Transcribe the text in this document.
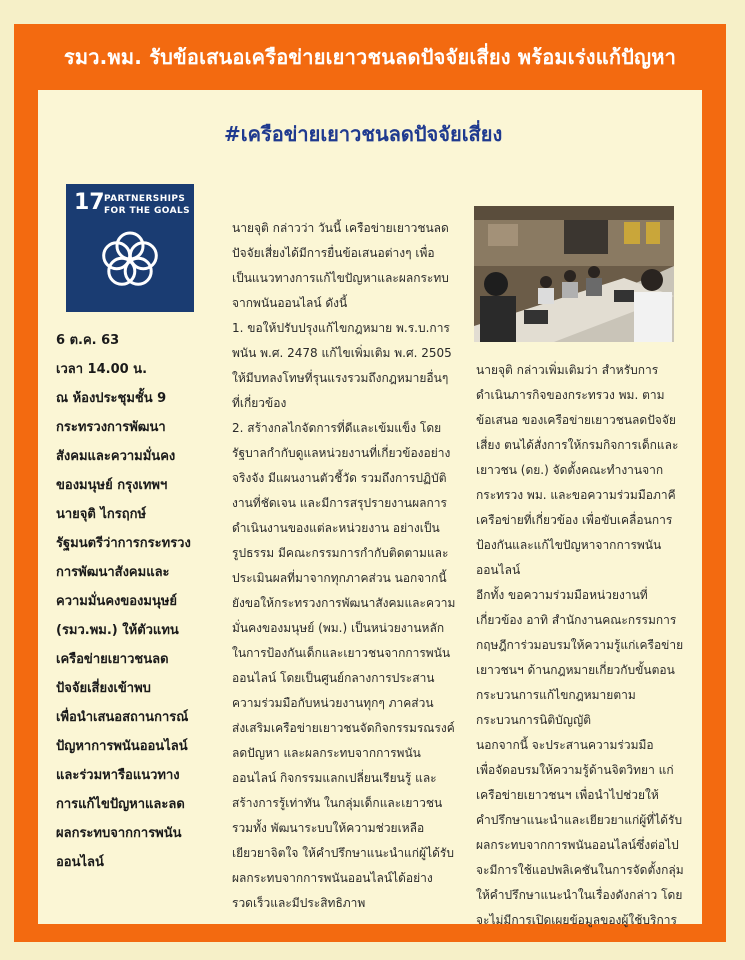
รมว.พม. รับข้อเสนอเครือข่ายเยาวชนลดปัจจัยเสี่ยง พร้อมเร่งแก้ปัญหา
#เครือข่ายเยาวชนลดปัจจัยเสี่ยง
17 PARTNERSHIPS
FOR THE GOALS
6 ต.ค. 63
เวลา 14.00 น.
ณ ห้องประชุมชั้น 9
กระทรวงการพัฒนา
สังคมและความมั่นคง
ของมนุษย์ กรุงเทพฯ
นายจุติ ไกรฤกษ์
รัฐมนตรีว่าการกระทรวง
การพัฒนาสังคมและ
ความมั่นคงของมนุษย์
(รมว.พม.) ให้ตัวแทน
เครือข่ายเยาวชนลด
ปัจจัยเสี่ยงเข้าพบ
เพื่อนำเสนอสถานการณ์
ปัญหาการพนันออนไลน์
และร่วมหารือแนวทาง
การแก้ไขปัญหาและลด
ผลกระทบจากการพนัน
ออนไลน์
นายจุติ กล่าวว่า วันนี้ เครือข่ายเยาวชนลด
ปัจจัยเสี่ยงได้มีการยื่นข้อเสนอต่างๆ เพื่อ
เป็นแนวทางการแก้ไขปัญหาและผลกระทบ
จากพนันออนไลน์ ดังนี้
1. ขอให้ปรับปรุงแก้ไขกฎหมาย พ.ร.บ.การ
พนัน พ.ศ. 2478 แก้ไขเพิ่มเติม พ.ศ. 2505
ให้มีบทลงโทษที่รุนแรงรวมถึงกฎหมายอื่นๆ
ที่เกี่ยวข้อง
2. สร้างกลไกจัดการที่ดีและเข้มแข็ง โดย
รัฐบาลกำกับดูแลหน่วยงานที่เกี่ยวข้องอย่าง
จริงจัง มีแผนงานตัวชี้วัด รวมถึงการปฏิบัติ
งานที่ชัดเจน และมีการสรุปรายงานผลการ
ดำเนินงานของแต่ละหน่วยงาน อย่างเป็น
รูปธรรม มีคณะกรรมการกำกับติดตามและ
ประเมินผลที่มาจากทุกภาคส่วน นอกจากนี้
ยังขอให้กระทรวงการพัฒนาสังคมและความ
มั่นคงของมนุษย์ (พม.) เป็นหน่วยงานหลัก
ในการป้องกันเด็กและเยาวชนจากการพนัน
ออนไลน์ โดยเป็นศูนย์กลางการประสาน
ความร่วมมือกับหน่วยงานทุกๆ ภาคส่วน
ส่งเสริมเครือข่ายเยาวชนจัดกิจกรรมรณรงค์
ลดปัญหา และผลกระทบจากการพนัน
ออนไลน์ กิจกรรมแลกเปลี่ยนเรียนรู้ และ
สร้างการรู้เท่าทัน ในกลุ่มเด็กและเยาวชน
รวมทั้ง พัฒนาระบบให้ความช่วยเหลือ
เยียวยาจิตใจ ให้คำปรึกษาแนะนำแก่ผู้ได้รับ
ผลกระทบจากการพนันออนไลน์ได้อย่าง
รวดเร็วและมีประสิทธิภาพ
นายจุติ กล่าวเพิ่มเติมว่า สำหรับการ
ดำเนินภารกิจของกระทรวง พม. ตาม
ข้อเสนอ ของเครือข่ายเยาวชนลดปัจจัย
เสี่ยง ตนได้สั่งการให้กรมกิจการเด็กและ
เยาวชน (ดย.) จัดตั้งคณะทำงานจาก
กระทรวง พม. และขอความร่วมมือภาคี
เครือข่ายที่เกี่ยวข้อง เพื่อขับเคลื่อนการ
ป้องกันและแก้ไขปัญหาจากการพนัน
ออนไลน์
อีกทั้ง ขอความร่วมมือหน่วยงานที่
เกี่ยวข้อง อาทิ สำนักงานคณะกรรมการ
กฤษฎีการ่วมอบรมให้ความรู้แก่เครือข่าย
เยาวชนฯ ด้านกฎหมายเกี่ยวกับขั้นตอน
กระบวนการแก้ไขกฎหมายตาม
กระบวนการนิติบัญญัติ
นอกจากนี้ จะประสานความร่วมมือ
เพื่อจัดอบรมให้ความรู้ด้านจิตวิทยา แก่
เครือข่ายเยาวชนฯ เพื่อนำไปช่วยให้
คำปรึกษาแนะนำและเยียวยาแก่ผู้ที่ได้รับ
ผลกระทบจากการพนันออนไลน์ซึ่งต่อไป
จะมีการใช้แอปพลิเคชันในการจัดตั้งกลุ่ม
ให้คำปรึกษาแนะนำในเรื่องดังกล่าว โดย
จะไม่มีการเปิดเผยข้อมูลของผู้ใช้บริการ
